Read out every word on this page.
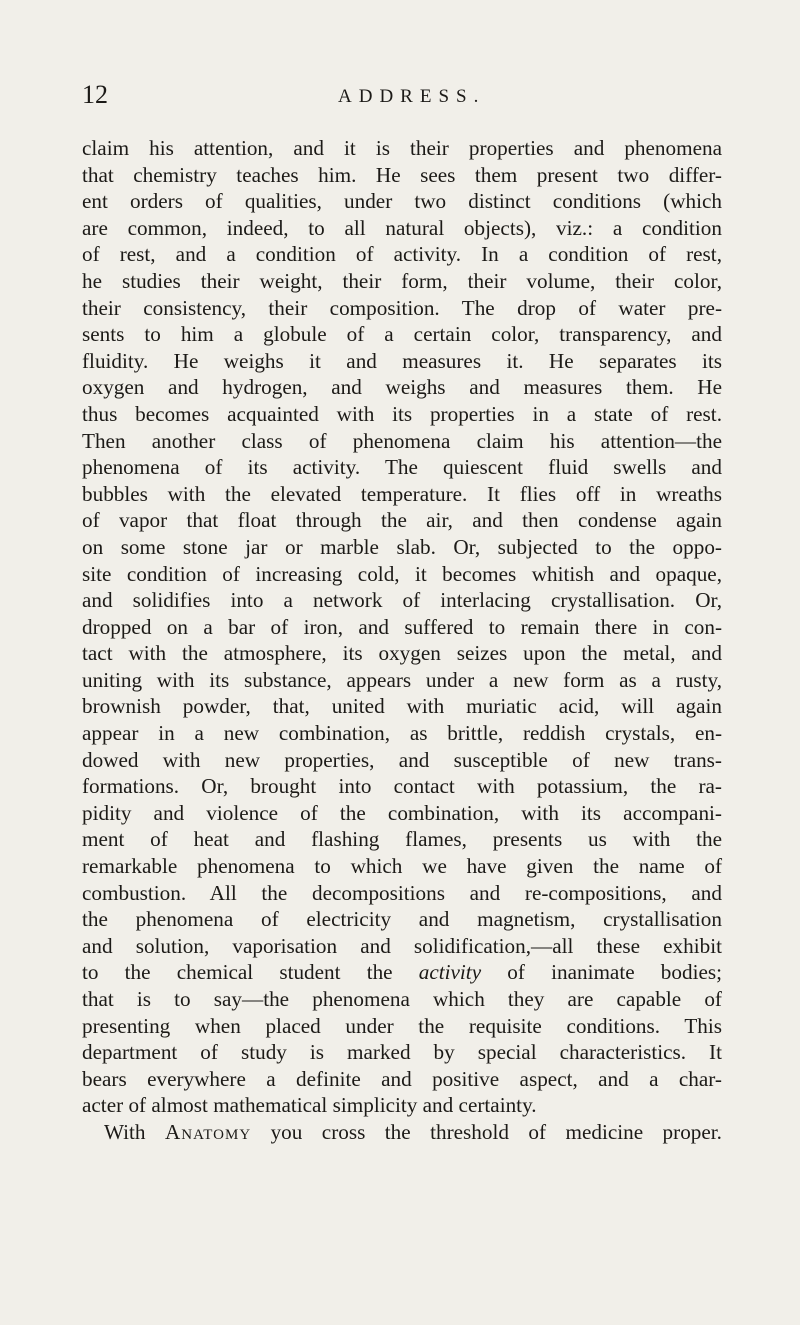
12	ADDRESS.
claim his attention, and it is their properties and phenomena
that chemistry teaches him. He sees them present two differ-
ent orders of qualities, under two distinct conditions (which
are common, indeed, to all natural objects), viz.: a condition
of rest, and a condition of activity. In a condition of rest,
he studies their weight, their form, their volume, their color,
their consistency, their composition. The drop of water pre-
sents to him a globule of a certain color, transparency, and
fluidity. He weighs it and measures it. He separates its
oxygen and hydrogen, and weighs and measures them. He
thus becomes acquainted with its properties in a state of rest.
Then another class of phenomena claim his attention—the
phenomena of its activity. The quiescent fluid swells and
bubbles with the elevated temperature. It flies off in wreaths
of vapor that float through the air, and then condense again
on some stone jar or marble slab. Or, subjected to the oppo-
site condition of increasing cold, it becomes whitish and opaque,
and solidifies into a network of interlacing crystallisation. Or,
dropped on a bar of iron, and suffered to remain there in con-
tact with the atmosphere, its oxygen seizes upon the metal, and
uniting with its substance, appears under a new form as a rusty,
brownish powder, that, united with muriatic acid, will again
appear in a new combination, as brittle, reddish crystals, en-
dowed with new properties, and susceptible of new trans-
formations. Or, brought into contact with potassium, the ra-
pidity and violence of the combination, with its accompani-
ment of heat and flashing flames, presents us with the
remarkable phenomena to which we have given the name of
combustion. All the decompositions and re-compositions, and
the phenomena of electricity and magnetism, crystallisation
and solution, vaporisation and solidification,—all these exhibit
to the chemical student the activity of inanimate bodies;
that is to say—the phenomena which they are capable of
presenting when placed under the requisite conditions. This
department of study is marked by special characteristics. It
bears everywhere a definite and positive aspect, and a char-
acter of almost mathematical simplicity and certainty.
With Anatomy you cross the threshold of medicine proper.
